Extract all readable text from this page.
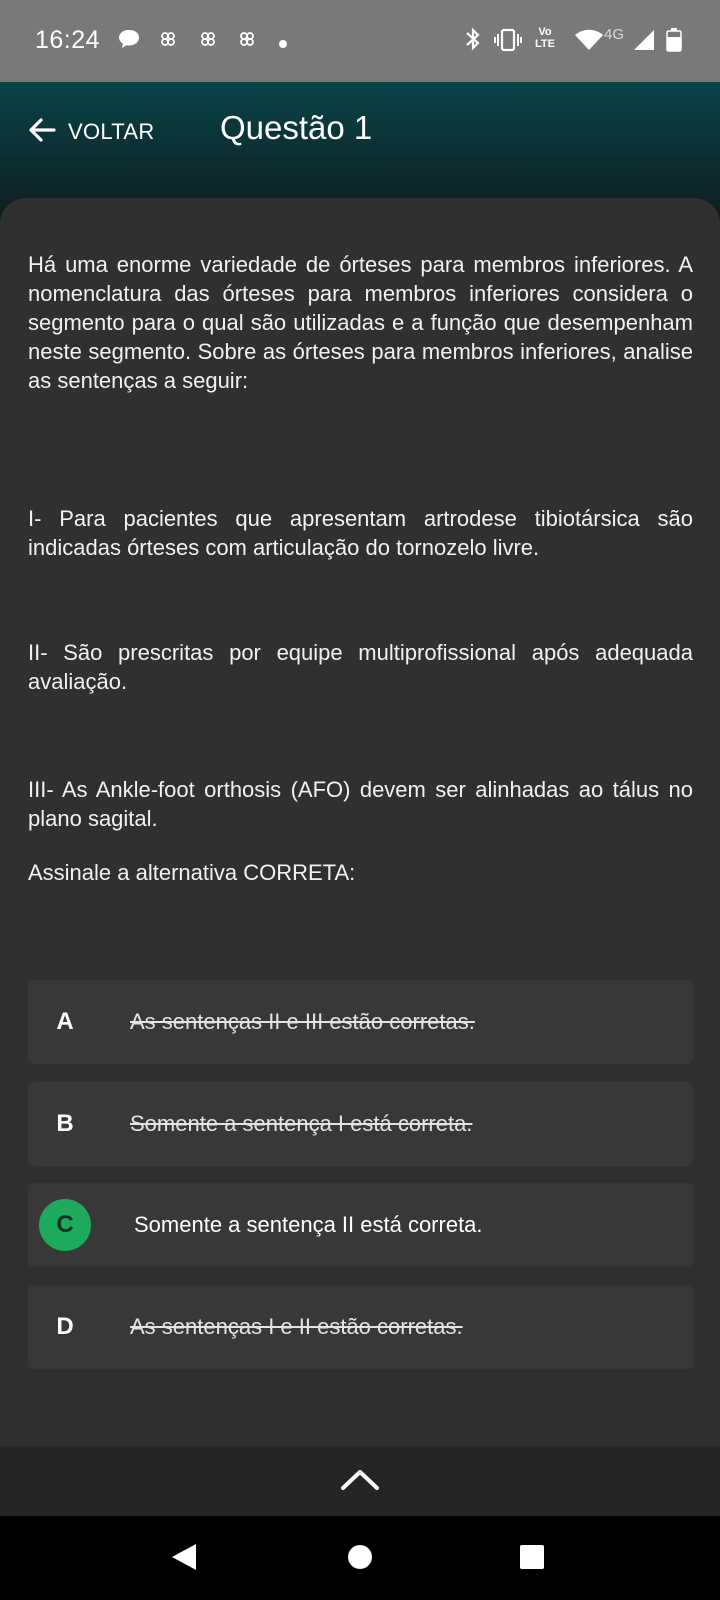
16:24	Vo
LTE
4G
VOLTAR Questão 1

Há uma enorme variedade de órteses para membros inferiores. A nomenclatura das órteses para membros inferiores considera o segmento para o qual são utilizadas e a função que desempenham neste segmento. Sobre as órteses para membros inferiores, analise as sentenças a seguir:

I- Para pacientes que apresentam artrodese tibiotársica são indicadas órteses com articulação do tornozelo livre.
II- São prescritas por equipe multiprofissional após adequada avaliação.
III- As Ankle-foot orthosis (AFO) devem ser alinhadas ao tálus no plano sagital.
Assinale a alternativa CORRETA:
A	As sentenças II e III estão corretas.
B	Somente a sentença I está correta.
C	Somente a sentença II está correta.
D	As sentenças I e II estão corretas.
